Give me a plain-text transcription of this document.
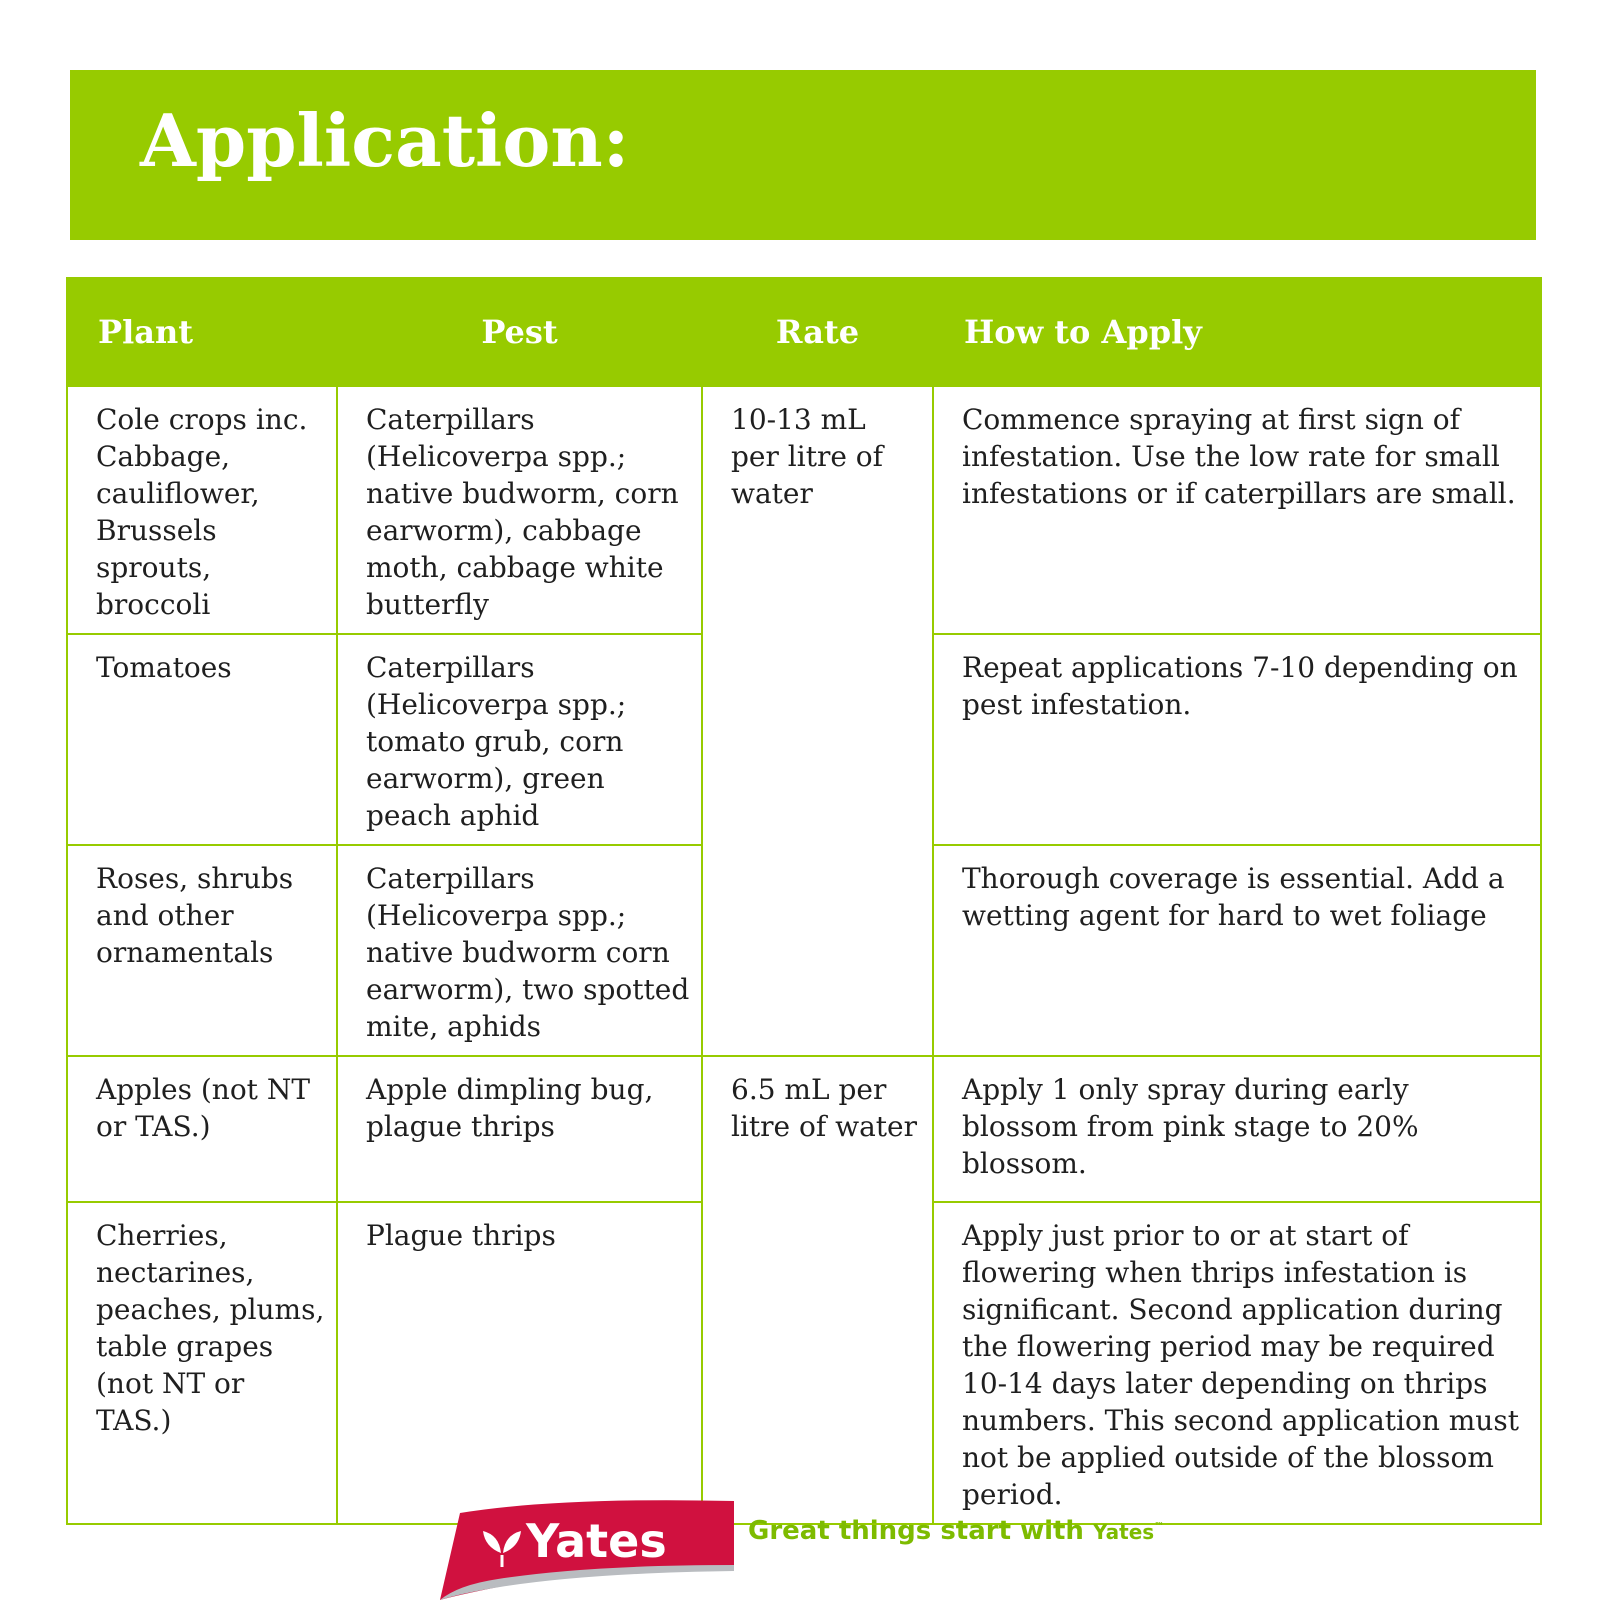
Application:
Plant	Pest	Rate	How to Apply
Cole crops inc. Cabbage, cauliflower, Brussels sprouts, broccoli	Caterpillars (Helicoverpa spp.; native budworm, corn earworm), cabbage moth, cabbage white butterfly	10-13 mL per litre of water	Commence spraying at first sign of infestation. Use the low rate for small infestations or if caterpillars are small.
Tomatoes	Caterpillars (Helicoverpa spp.; tomato grub, corn earworm), green peach aphid		Repeat applications 7-10 depending on pest infestation.
Roses, shrubs and other ornamentals	Caterpillars (Helicoverpa spp.; native budworm corn earworm), two spotted mite, aphids		Thorough coverage is essential. Add a wetting agent for hard to wet foliage
Apples (not NT or TAS.)	Apple dimpling bug, plague thrips	6.5 mL per litre of water	Apply 1 only spray during early blossom from pink stage to 20% blossom.
Cherries, nectarines, peaches, plums, table grapes (not NT or TAS.)	Plague thrips		Apply just prior to or at start of flowering when thrips infestation is significant. Second application during the flowering period may be required 10-14 days later depending on thrips numbers. This second application must not be applied outside of the blossom period.
Yates	Great things start with Yates™
